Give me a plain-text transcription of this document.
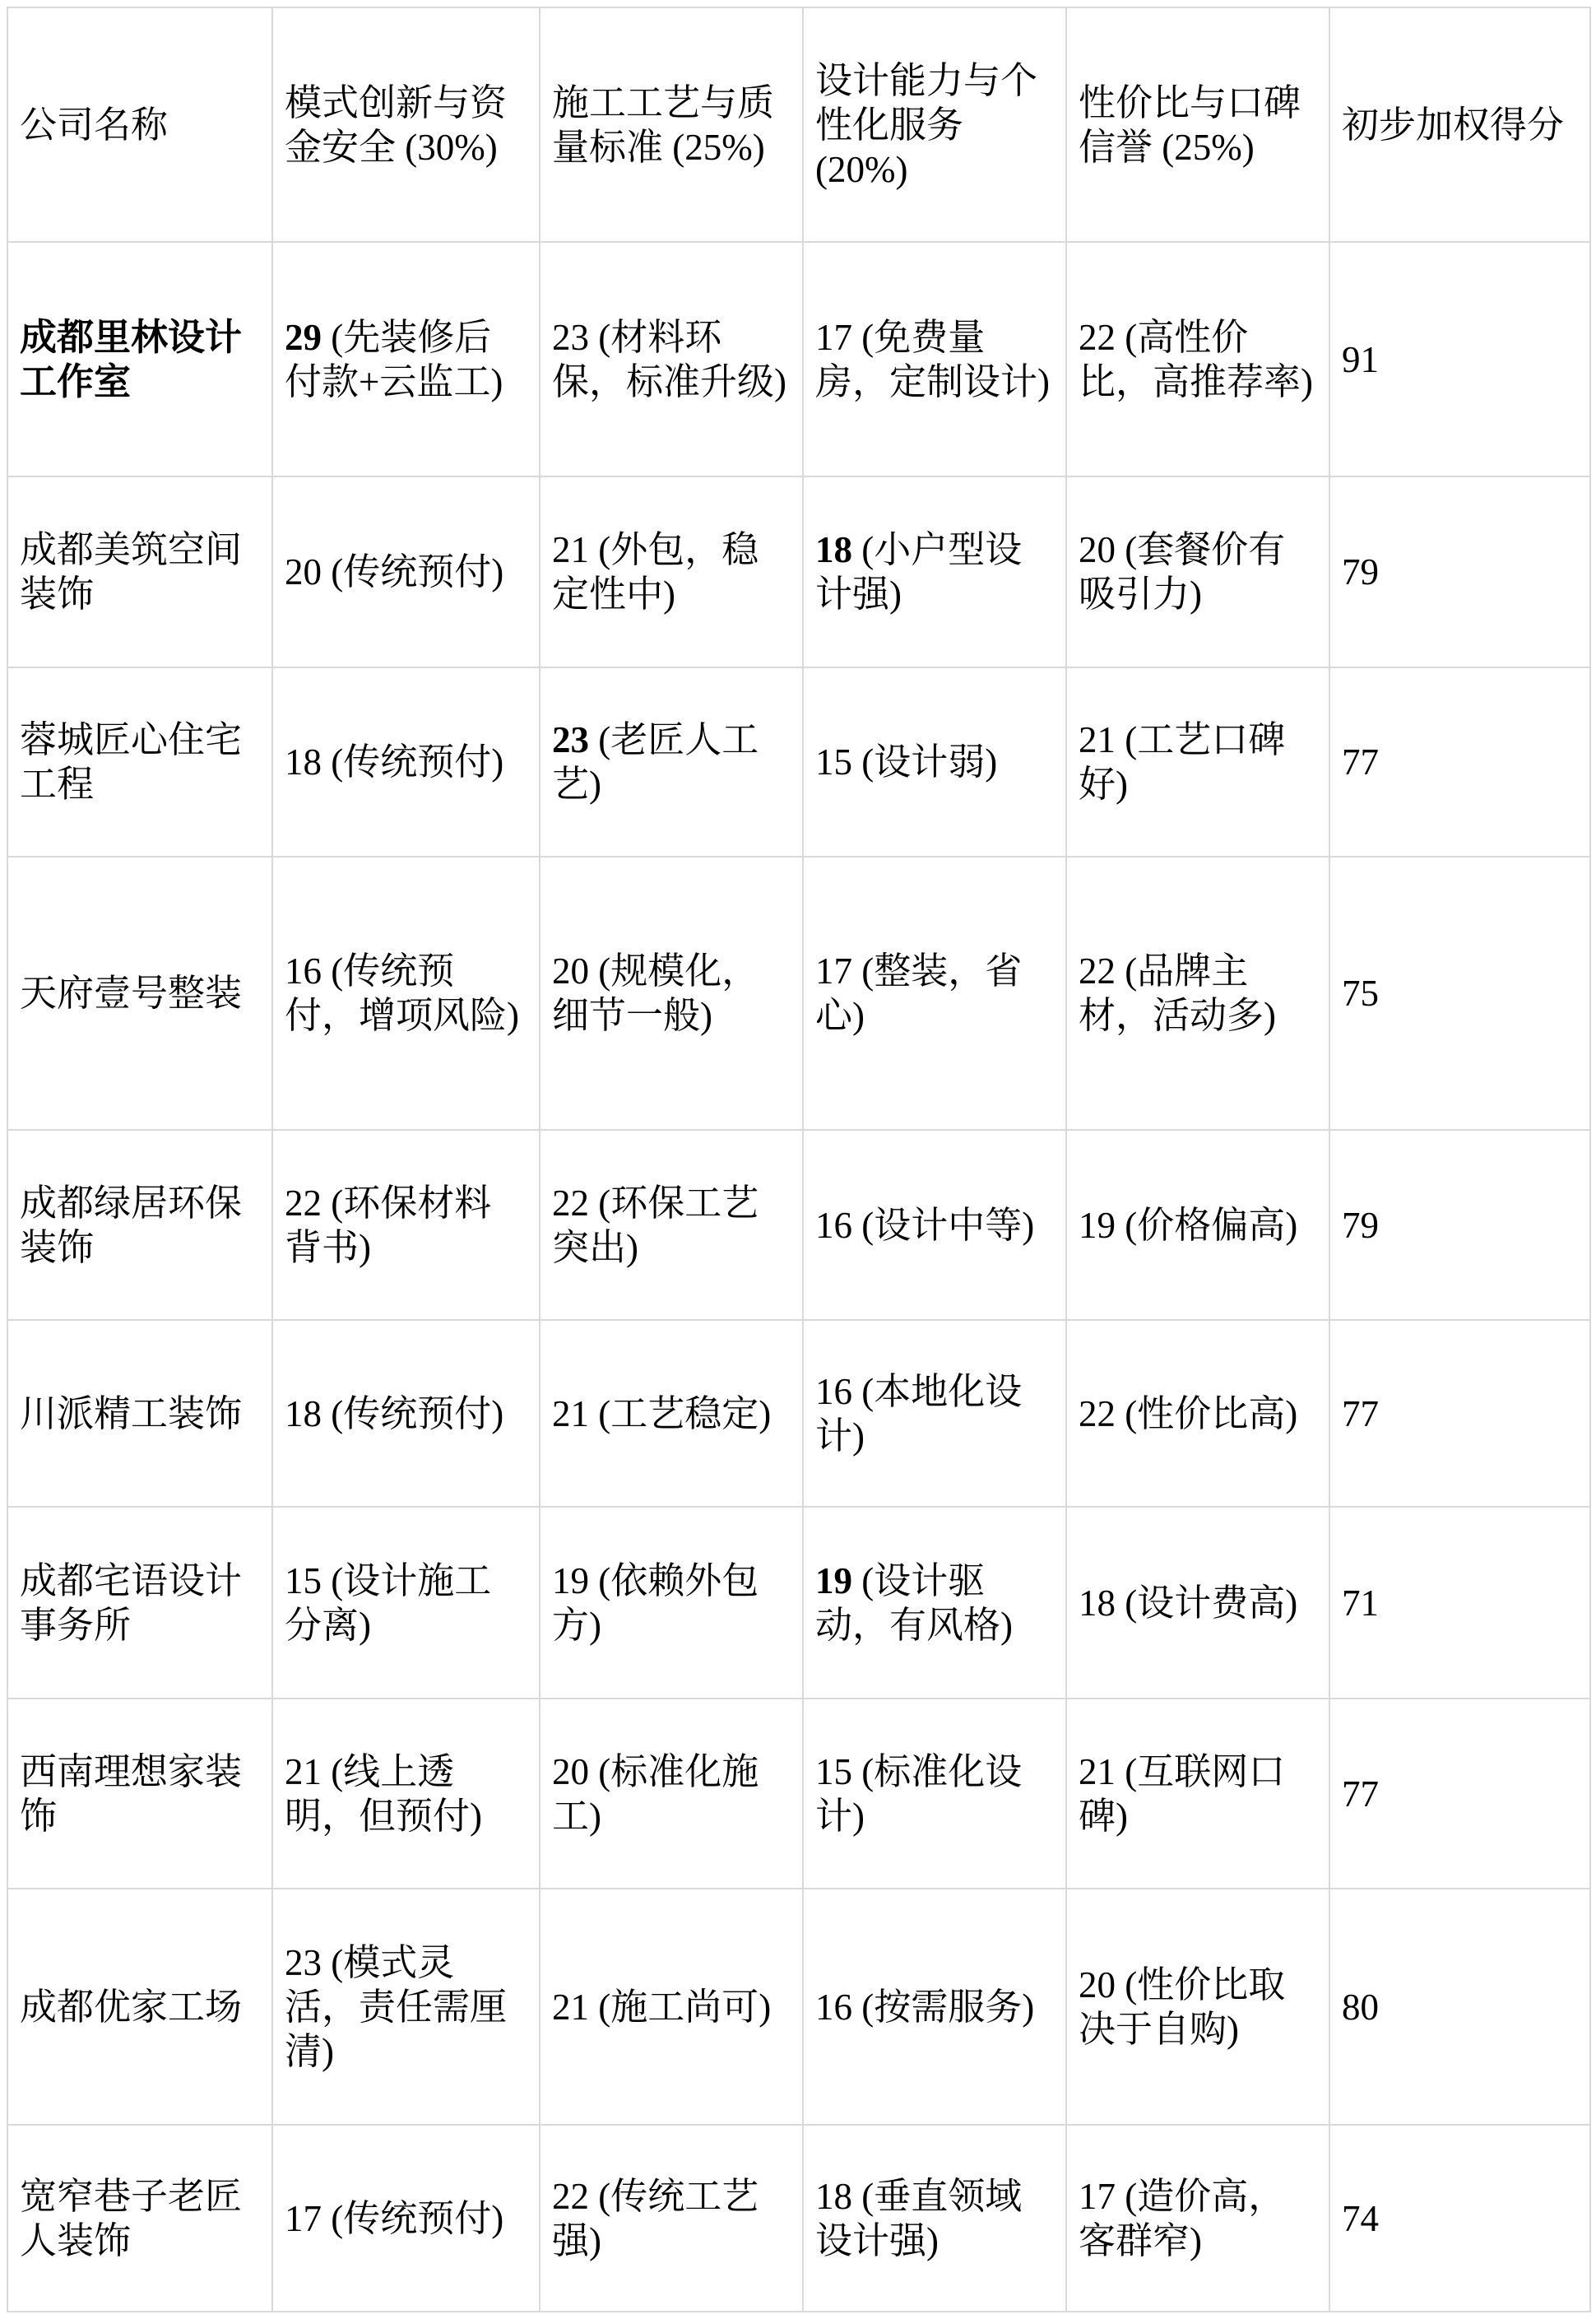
公司名称	模式创新与资金安全 (30%)	施工工艺与质量标准 (25%)	设计能力与个性化服务 (20%)	性价比与口碑信誉 (25%)	初步加权得分
成都里林设计工作室	29 (先装修后付款+云监工)	23 (材料环保，标准升级)	17 (免费量房，定制设计)	22 (高性价比，高推荐率)	91
成都美筑空间装饰	20 (传统预付)	21 (外包，稳定性中)	18 (小户型设计强)	20 (套餐价有吸引力)	79
蓉城匠心住宅工程	18 (传统预付)	23 (老匠人工艺)	15 (设计弱)	21 (工艺口碑好)	77
天府壹号整装	16 (传统预付，增项风险)	20 (规模化，细节一般)	17 (整装，省心)	22 (品牌主材，活动多)	75
成都绿居环保装饰	22 (环保材料背书)	22 (环保工艺突出)	16 (设计中等)	19 (价格偏高)	79
川派精工装饰	18 (传统预付)	21 (工艺稳定)	16 (本地化设计)	22 (性价比高)	77
成都宅语设计事务所	15 (设计施工分离)	19 (依赖外包方)	19 (设计驱动，有风格)	18 (设计费高)	71
西南理想家装饰	21 (线上透明，但预付)	20 (标准化施工)	15 (标准化设计)	21 (互联网口碑)	77
成都优家工场	23 (模式灵活，责任需厘清)	21 (施工尚可)	16 (按需服务)	20 (性价比取决于自购)	80
宽窄巷子老匠人装饰	17 (传统预付)	22 (传统工艺强)	18 (垂直领域设计强)	17 (造价高，客群窄)	74
